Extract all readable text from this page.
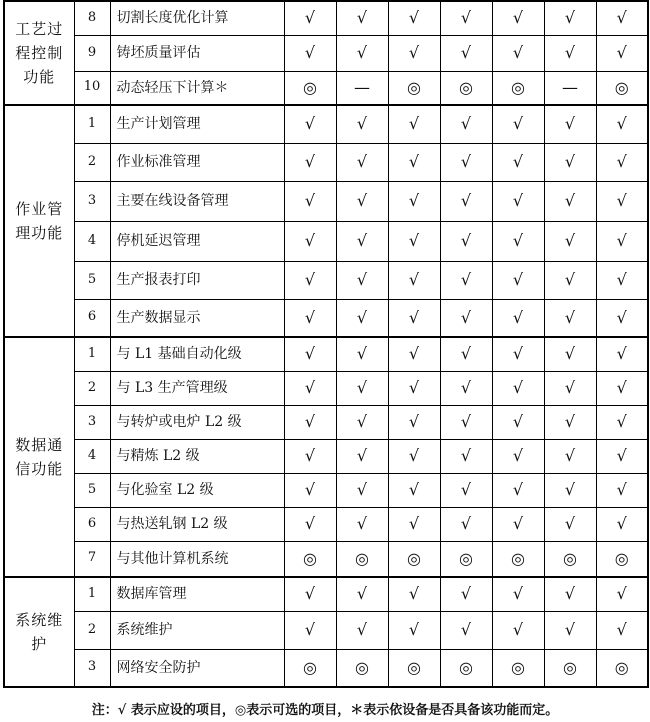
工艺过程控制功能	8	切割长度优化计算	√	√	√	√	√	√	√
	9	铸坯质量评估	√	√	√	√	√	√	√
	10	动态轻压下计算＊	◎	—	◎	◎	◎	—	◎

作业管理功能	1	生产计划管理	√	√	√	√	√	√	√
	2	作业标准管理	√	√	√	√	√	√	√
	3	主要在线设备管理	√	√	√	√	√	√	√
	4	停机延迟管理	√	√	√	√	√	√	√
	5	生产报表打印	√	√	√	√	√	√	√
	6	生产数据显示	√	√	√	√	√	√	√

数据通信功能	1	与 L1 基础自动化级	√	√	√	√	√	√	√
	2	与 L3 生产管理级	√	√	√	√	√	√	√
	3	与转炉或电炉 L2 级	√	√	√	√	√	√	√
	4	与精炼 L2 级	√	√	√	√	√	√	√
	5	与化验室 L2 级	√	√	√	√	√	√	√
	6	与热送轧钢 L2 级	√	√	√	√	√	√	√
	7	与其他计算机系统	◎	◎	◎	◎	◎	◎	◎

系统维护	1	数据库管理	√	√	√	√	√	√	√
	2	系统维护	√	√	√	√	√	√	√
	3	网络安全防护	◎	◎	◎	◎	◎	◎	◎
注：√ 表示应设的项目，◎表示可选的项目，＊表示依设备是否具备该功能而定。
